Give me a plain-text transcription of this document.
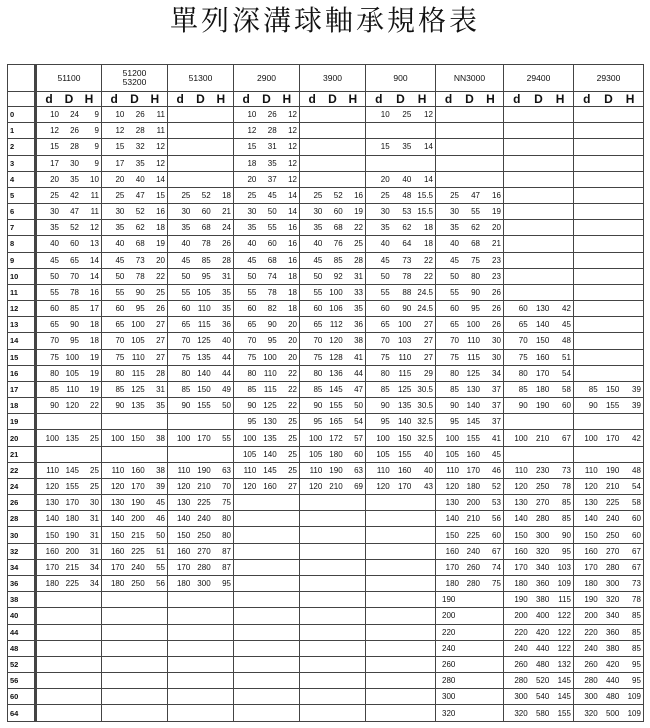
單列深溝球軸承規格表
	51100	51200
53200	51300	2900	3900	900	NN3000	29400	29300
	d D H	d D H	d D H	d D H	d D H	d D H	d D H	d D H	d D H
0	10 24 9	10 26 11		10 26 12		10 25 12			
1	12 26 9	12 28 11		12 28 12					
2	15 28 9	15 32 12		15 31 12		15 35 14			
3	17 30 9	17 35 12		18 35 12					
4	20 35 10	20 40 14		20 37 12		20 40 14			
5	25 42 11	25 47 15	25 52 18	25 45 14	25 52 16	25 48 15.5	25 47 16		
6	30 47 11	30 52 16	30 60 21	30 50 14	30 60 19	30 53 15.5	30 55 19		
7	35 52 12	35 62 18	35 68 24	35 55 16	35 68 22	35 62 18	35 62 20		
8	40 60 13	40 68 19	40 78 26	40 60 16	40 76 25	40 64 18	40 68 21		
9	45 65 14	45 73 20	45 85 28	45 68 16	45 85 28	45 73 22	45 75 23		
10	50 70 14	50 78 22	50 95 31	50 74 18	50 92 31	50 78 22	50 80 23		
11	55 78 16	55 90 25	55 105 35	55 78 18	55 100 33	55 88 24.5	55 90 26		
12	60 85 17	60 95 26	60 110 35	60 82 18	60 106 35	60 90 24.5	60 95 26	60 130 42	
13	65 90 18	65 100 27	65 115 36	65 90 20	65 112 36	65 100 27	65 100 26	65 140 45	
14	70 95 18	70 105 27	70 125 40	70 95 20	70 120 38	70 103 27	70 110 30	70 150 48	
15	75 100 19	75 110 27	75 135 44	75 100 20	75 128 41	75 110 27	75 115 30	75 160 51	
16	80 105 19	80 115 28	80 140 44	80 110 22	80 136 44	80 115 29	80 125 34	80 170 54	
17	85 110 19	85 125 31	85 150 49	85 115 22	85 145 47	85 125 30.5	85 130 37	85 180 58	85 150 39
18	90 120 22	90 135 35	90 155 50	90 125 22	90 155 50	90 135 30.5	90 140 37	90 190 60	90 155 39
19				95 130 25	95 165 54	95 140 32.5	95 145 37		
20	100 135 25	100 150 38	100 170 55	100 135 25	100 172 57	100 150 32.5	100 155 41	100 210 67	100 170 42
21				105 140 25	105 180 60	105 155 40	105 160 45		
22	110 145 25	110 160 38	110 190 63	110 145 25	110 190 63	110 160 40	110 170 46	110 230 73	110 190 48
24	120 155 25	120 170 39	120 210 70	120 160 27	120 210 69	120 170 43	120 180 52	120 250 78	120 210 54
26	130 170 30	130 190 45	130 225 75				130 200 53	130 270 85	130 225 58
28	140 180 31	140 200 46	140 240 80				140 210 56	140 280 85	140 240 60
30	150 190 31	150 215 50	150 250 80				150 225 60	150 300 90	150 250 60
32	160 200 31	160 225 51	160 270 87				160 240 67	160 320 95	160 270 67
34	170 215 34	170 240 55	170 280 87				170 260 74	170 340 103	170 280 67
36	180 225 34	180 250 56	180 300 95				180 280 75	180 360 109	180 300 73
38							190	190 380 115	190 320 78
40							200	200 400 122	200 340 85
44							220	220 420 122	220 360 85
48							240	240 440 122	240 380 85
52							260	260 480 132	260 420 95
56							280	280 520 145	280 440 95
60							300	300 540 145	300 480 109
64							320	320 580 155	320 500 109
